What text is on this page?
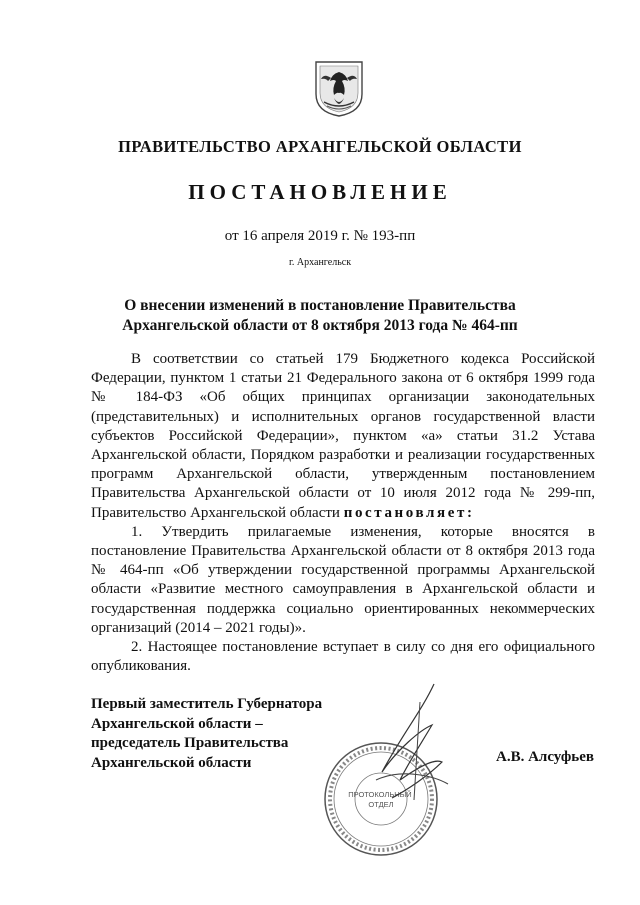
ПРАВИТЕЛЬСТВО АРХАНГЕЛЬСКОЙ ОБЛАСТИ
ПОСТАНОВЛЕНИЕ
от 16 апреля 2019 г. № 193-пп
г. Архангельск
О внесении изменений в постановление Правительства
Архангельской области от 8 октября 2013 года № 464-пп

В соответствии со статьей 179 Бюджетного кодекса Российской Федерации, пунктом 1 статьи 21 Федерального закона от 6 октября 1999 года № 184-ФЗ «Об общих принципах организации законодательных (представительных) и исполнительных органов государственной власти субъектов Российской Федерации», пунктом «а» статьи 31.2 Устава Архангельской области, Порядком разработки и реализации государственных программ Архангельской области, утвержденным постановлением Правительства Архангельской области от 10 июля 2012 года № 299-пп, Правительство Архангельской области постановляет:

1. Утвердить прилагаемые изменения, которые вносятся в постановление Правительства Архангельской области от 8 октября 2013 года № 464-пп «Об утверждении государственной программы Архангельской области «Развитие местного самоуправления в Архангельской области и государственная поддержка социально ориентированных некоммерческих организаций (2014 – 2021 годы)».

2. Настоящее постановление вступает в силу со дня его официального опубликования.

Первый заместитель Губернатора
Архангельской области –
председатель Правительства
Архангельской области
ПРОТОКОЛЬНЫЙ ОТДЕЛ
А.В. Алсуфьев
